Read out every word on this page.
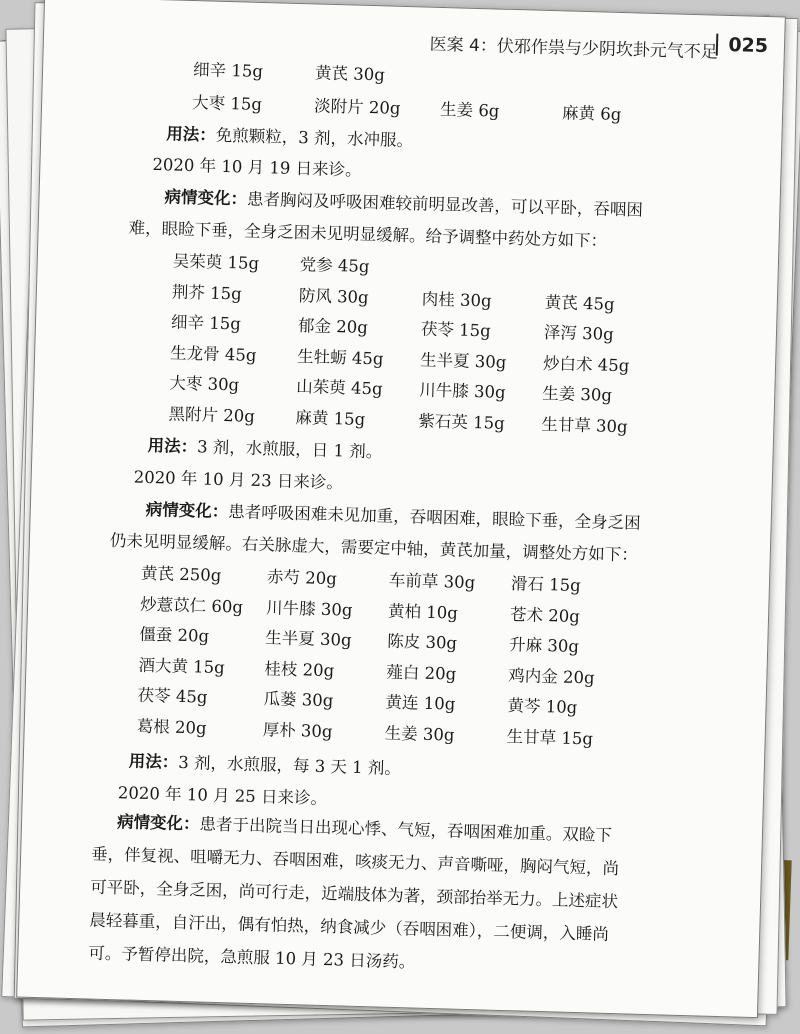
医案 4：伏邪作祟与少阴坎卦元气不足 025
细辛 15g	黄芪 30g
大枣 15g	淡附片 20g 生姜 6g	麻黄 6g
用法：免煎颗粒，3 剂，水冲服。
2020 年 10 月 19 日来诊。
病情变化：患者胸闷及呼吸困难较前明显改善，可以平卧，吞咽困
难，眼睑下垂，全身乏困未见明显缓解。给予调整中药处方如下：
吴茱萸 15g 党参 45g
荆芥 15g	防风 30g	肉桂 30g	黄芪 45g
细辛 15g	郁金 20g	茯苓 15g	泽泻 30g
生龙骨 45g 生牡蛎 45g 生半夏 30g 炒白术 45g
大枣 30g	山茱萸 45g 川牛膝 30g 生姜 30g
黑附片 20g 麻黄 15g	紫石英 15g 生甘草 30g
用法：3 剂，水煎服，日 1 剂。
2020 年 10 月 23 日来诊。
病情变化：患者呼吸困难未见加重，吞咽困难，眼睑下垂，全身乏困
仍未见明显缓解。右关脉虚大，需要定中轴，黄芪加量，调整处方如下：
黄芪 250g	赤芍 20g	车前草 30g 滑石 15g
炒薏苡仁 60g 川牛膝 30g 黄柏 10g	苍术 20g
僵蚕 20g	生半夏 30g 陈皮 30g	升麻 30g
酒大黄 15g 桂枝 20g	薤白 20g	鸡内金 20g
茯苓 45g	瓜蒌 30g	黄连 10g	黄芩 10g
葛根 20g	厚朴 30g	生姜 30g	生甘草 15g
用法：3 剂，水煎服，每 3 天 1 剂。
2020 年 10 月 25 日来诊。
病情变化：患者于出院当日出现心悸、气短，吞咽困难加重。双睑下
垂，伴复视、咀嚼无力、吞咽困难，咳痰无力、声音嘶哑，胸闷气短，尚
可平卧，全身乏困，尚可行走，近端肢体为著，颈部抬举无力。上述症状
晨轻暮重，自汗出，偶有怕热，纳食减少（吞咽困难），二便调，入睡尚
可。予暂停出院，急煎服 10 月 23 日汤药。
